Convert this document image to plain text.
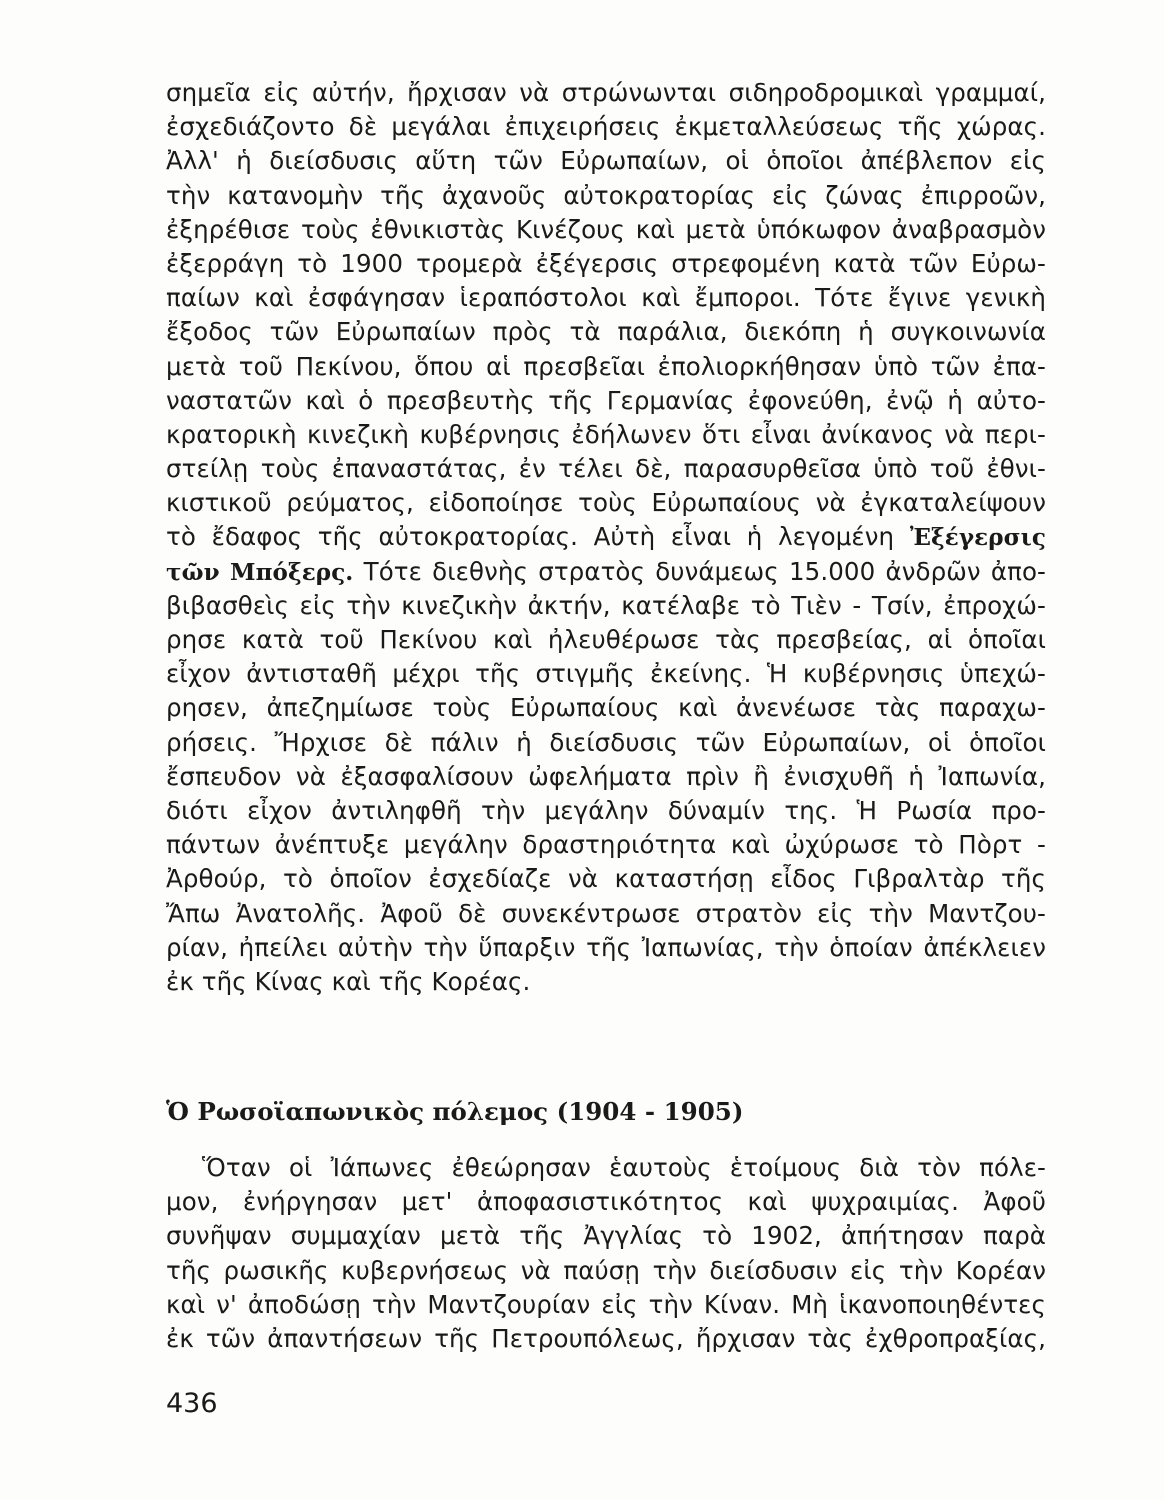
σημεῖα εἰς αὐτήν, ἤρχισαν νὰ στρώνωνται σιδηροδρομικαὶ γραμμαί,
ἐσχεδιάζοντο δὲ μεγάλαι ἐπιχειρήσεις ἐκμεταλλεύσεως τῆς χώρας.
Ἀλλ' ἡ διείσδυσις αὕτη τῶν Εὐρωπαίων, οἱ ὁποῖοι ἀπέβλεπον εἰς
τὴν κατανομὴν τῆς ἀχανοῦς αὐτοκρατορίας εἰς ζώνας ἐπιρροῶν,
ἐξηρέθισε τοὺς ἐθνικιστὰς Κινέζους καὶ μετὰ ὑπόκωφον ἀναβρασμὸν
ἐξερράγη τὸ 1900 τρομερὰ ἐξέγερσις στρεφομένη κατὰ τῶν Εὐρω-
παίων καὶ ἐσφάγησαν ἱεραπόστολοι καὶ ἔμποροι. Τότε ἔγινε γενικὴ
ἔξοδος τῶν Εὐρωπαίων πρὸς τὰ παράλια, διεκόπη ἡ συγκοινωνία
μετὰ τοῦ Πεκίνου, ὅπου αἱ πρεσβεῖαι ἐπολιορκήθησαν ὑπὸ τῶν ἐπα-
ναστατῶν καὶ ὁ πρεσβευτὴς τῆς Γερμανίας ἐφονεύθη, ἐνῷ ἡ αὐτο-
κρατορικὴ κινεζικὴ κυβέρνησις ἐδήλωνεν ὅτι εἶναι ἀνίκανος νὰ περι-
στείλῃ τοὺς ἐπαναστάτας, ἐν τέλει δὲ, παρασυρθεῖσα ὑπὸ τοῦ ἐθνι-
κιστικοῦ ρεύματος, εἰδοποίησε τοὺς Εὐρωπαίους νὰ ἐγκαταλείψουν
τὸ ἔδαφος τῆς αὐτοκρατορίας. Αὐτὴ εἶναι ἡ λεγομένη Ἐξέγερσις
τῶν Μπόξερς. Τότε διεθνὴς στρατὸς δυνάμεως 15.000 ἀνδρῶν ἀπο-
βιβασθεὶς εἰς τὴν κινεζικὴν ἀκτήν, κατέλαβε τὸ Τιὲν - Τσίν, ἐπροχώ-
ρησε κατὰ τοῦ Πεκίνου καὶ ἠλευθέρωσε τὰς πρεσβείας, αἱ ὁποῖαι
εἶχον ἀντισταθῆ μέχρι τῆς στιγμῆς ἐκείνης. Ἡ κυβέρνησις ὑπεχώ-
ρησεν, ἀπεζημίωσε τοὺς Εὐρωπαίους καὶ ἀνενέωσε τὰς παραχω-
ρήσεις. Ἤρχισε δὲ πάλιν ἡ διείσδυσις τῶν Εὐρωπαίων, οἱ ὁποῖοι
ἔσπευδον νὰ ἐξασφαλίσουν ὠφελήματα πρὶν ἢ ἐνισχυθῆ ἡ Ἰαπωνία,
διότι εἶχον ἀντιληφθῆ τὴν μεγάλην δύναμίν της. Ἡ Ρωσία προ-
πάντων ἀνέπτυξε μεγάλην δραστηριότητα καὶ ὠχύρωσε τὸ Πὸρτ -
Ἀρθούρ, τὸ ὁποῖον ἐσχεδίαζε νὰ καταστήσῃ εἶδος Γιβραλτὰρ τῆς
Ἄπω Ἀνατολῆς. Ἀφοῦ δὲ συνεκέντρωσε στρατὸν εἰς τὴν Μαντζου-
ρίαν, ἠπείλει αὐτὴν τὴν ὕπαρξιν τῆς Ἰαπωνίας, τὴν ὁποίαν ἀπέκλειεν
ἐκ τῆς Κίνας καὶ τῆς Κορέας.
Ὁ Ρωσοϊαπωνικὸς πόλεμος (1904 - 1905)
Ὅταν οἱ Ἰάπωνες ἐθεώρησαν ἑαυτοὺς ἑτοίμους διὰ τὸν πόλε-
μον, ἐνήργησαν μετ' ἀποφασιστικότητος καὶ ψυχραιμίας. Ἀφοῦ
συνῆψαν συμμαχίαν μετὰ τῆς Ἀγγλίας τὸ 1902, ἀπήτησαν παρὰ
τῆς ρωσικῆς κυβερνήσεως νὰ παύσῃ τὴν διείσδυσιν εἰς τὴν Κορέαν
καὶ ν' ἀποδώσῃ τὴν Μαντζουρίαν εἰς τὴν Κίναν. Μὴ ἱκανοποιηθέντες
ἐκ τῶν ἀπαντήσεων τῆς Πετρουπόλεως, ἤρχισαν τὰς ἐχθροπραξίας,
436
